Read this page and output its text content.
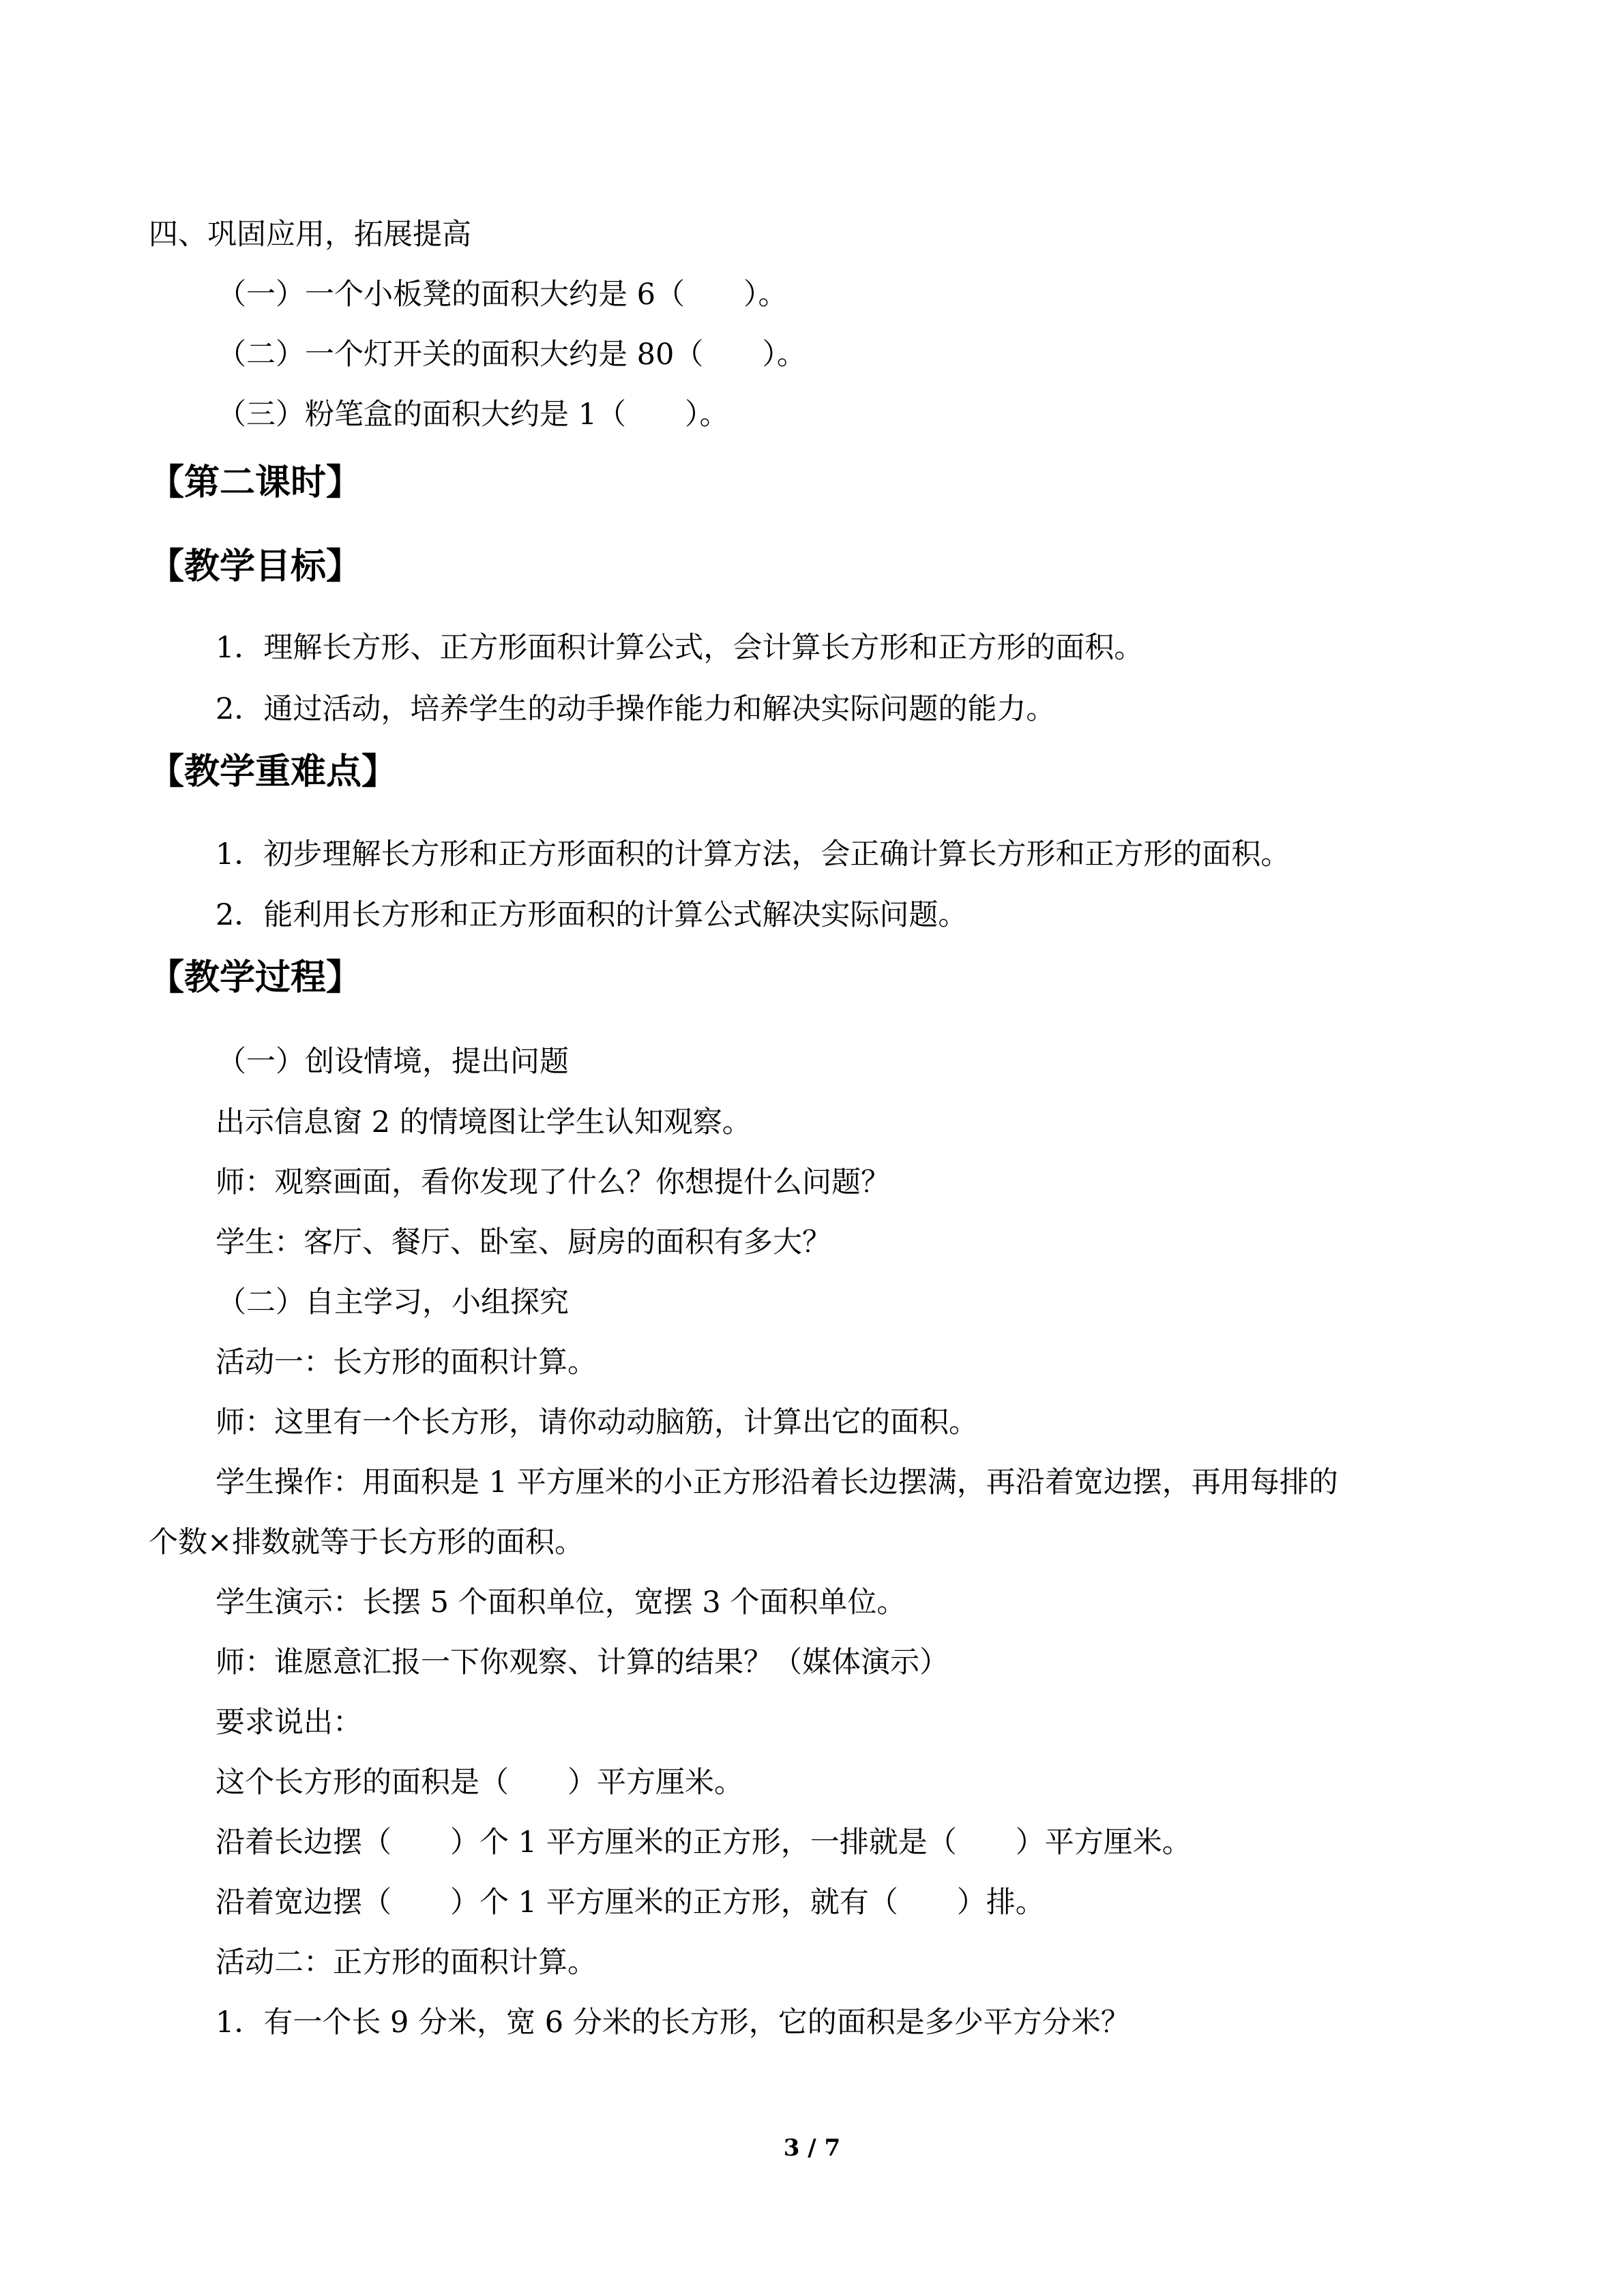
四、巩固应用，拓展提高
（一）一个小板凳的面积大约是 6（　　）。
（二）一个灯开关的面积大约是 80（　　）。
（三）粉笔盒的面积大约是 1（　　）。
【第二课时】
【教学目标】
1．理解长方形、正方形面积计算公式，会计算长方形和正方形的面积。
2．通过活动，培养学生的动手操作能力和解决实际问题的能力。
【教学重难点】
1．初步理解长方形和正方形面积的计算方法，会正确计算长方形和正方形的面积。
2．能利用长方形和正方形面积的计算公式解决实际问题。
【教学过程】
（一）创设情境，提出问题
出示信息窗 2 的情境图让学生认知观察。
师：观察画面，看你发现了什么？你想提什么问题？
学生：客厅、餐厅、卧室、厨房的面积有多大？
（二）自主学习，小组探究
活动一：长方形的面积计算。
师：这里有一个长方形，请你动动脑筋，计算出它的面积。
学生操作：用面积是 1 平方厘米的小正方形沿着长边摆满，再沿着宽边摆，再用每排的
个数×排数就等于长方形的面积。
学生演示：长摆 5 个面积单位，宽摆 3 个面积单位。
师：谁愿意汇报一下你观察、计算的结果？（媒体演示）
要求说出：
这个长方形的面积是（　　）平方厘米。
沿着长边摆（　　）个 1 平方厘米的正方形，一排就是（　　）平方厘米。
沿着宽边摆（　　）个 1 平方厘米的正方形，就有（　　）排。
活动二：正方形的面积计算。
1．有一个长 9 分米，宽 6 分米的长方形，它的面积是多少平方分米？
3 / 7
